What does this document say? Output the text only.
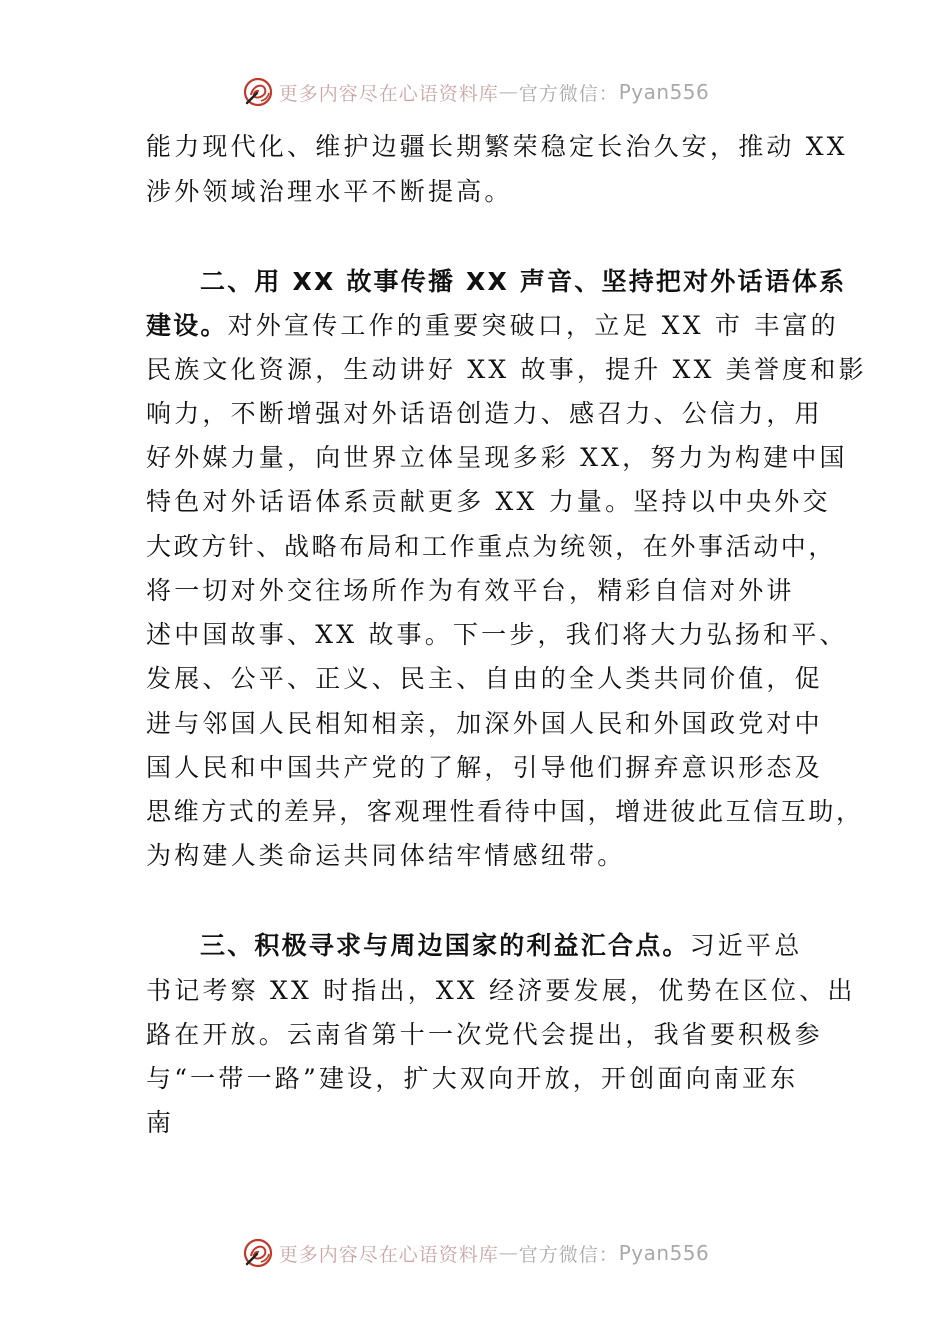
更多内容尽在心语资料库 — 官方微信： Pyan556
能力现代化、维护边疆长期繁荣稳定长治久安，推动 XX
涉外领域治理水平不断提高。
二、用 XX 故事传播 XX 声音、坚持把对外话语体系
建设。对外宣传工作的重要突破口，立足 XX 市 丰富的
民族文化资源，生动讲好 XX 故事，提升 XX 美誉度和影
响力，不断增强对外话语创造力、感召力、公信力，用
好外媒力量，向世界立体呈现多彩 XX，努力为构建中国
特色对外话语体系贡献更多 XX 力量。坚持以中央外交
大政方针、战略布局和工作重点为统领，在外事活动中，
将一切对外交往场所作为有效平台，精彩自信对外讲
述中国故事、XX 故事。下一步，我们将大力弘扬和平、
发展、公平、正义、民主、自由的全人类共同价值，促
进与邻国人民相知相亲，加深外国人民和外国政党对中
国人民和中国共产党的了解，引导他们摒弃意识形态及
思维方式的差异，客观理性看待中国，增进彼此互信互助，
为构建人类命运共同体结牢情感纽带。
三、积极寻求与周边国家的利益汇合点。习近平总
书记考察 XX 时指出，XX 经济要发展，优势在区位、出
路在开放。云南省第十一次党代会提出，我省要积极参
与“一带一路”建设，扩大双向开放，开创面向南亚东
南
更多内容尽在心语资料库 — 官方微信： Pyan556
